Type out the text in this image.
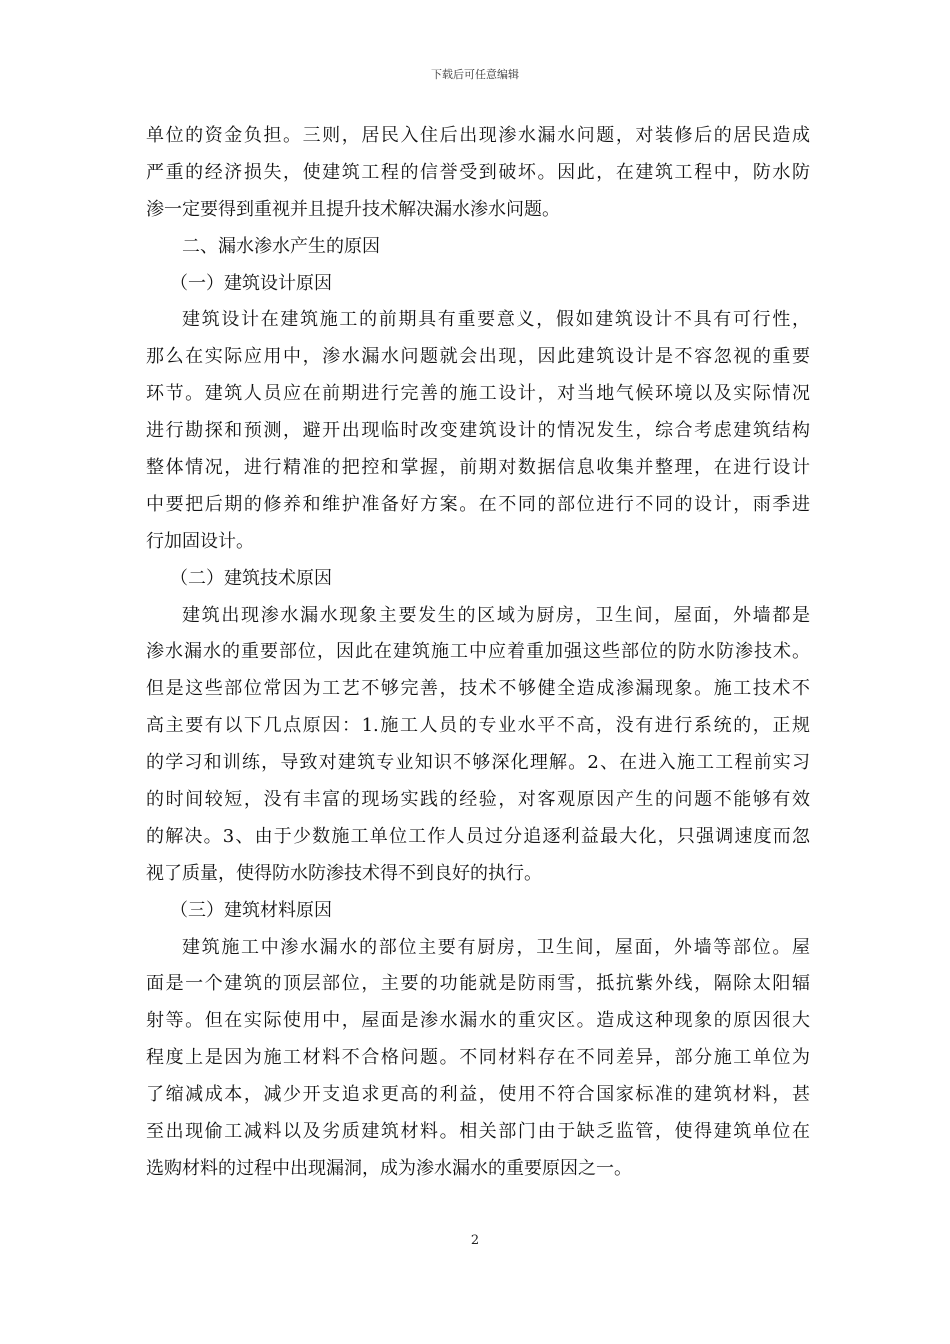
下载后可任意编辑
单位的资金负担。三则，居民入住后出现渗水漏水问题，对装修后的居民造成
严重的经济损失，使建筑工程的信誉受到破坏。因此，在建筑工程中，防水防
渗一定要得到重视并且提升技术解决漏水渗水问题。
二、漏水渗水产生的原因
（一）建筑设计原因
建筑设计在建筑施工的前期具有重要意义，假如建筑设计不具有可行性，
那么在实际应用中，渗水漏水问题就会出现，因此建筑设计是不容忽视的重要
环节。建筑人员应在前期进行完善的施工设计，对当地气候环境以及实际情况
进行勘探和预测，避开出现临时改变建筑设计的情况发生，综合考虑建筑结构
整体情况，进行精准的把控和掌握，前期对数据信息收集并整理，在进行设计
中要把后期的修养和维护准备好方案。在不同的部位进行不同的设计，雨季进
行加固设计。
（二）建筑技术原因
建筑出现渗水漏水现象主要发生的区域为厨房，卫生间，屋面，外墙都是
渗水漏水的重要部位，因此在建筑施工中应着重加强这些部位的防水防渗技术。
但是这些部位常因为工艺不够完善，技术不够健全造成渗漏现象。施工技术不
高主要有以下几点原因：1.施工人员的专业水平不高，没有进行系统的，正规
的学习和训练，导致对建筑专业知识不够深化理解。2、在进入施工工程前实习
的时间较短，没有丰富的现场实践的经验，对客观原因产生的问题不能够有效
的解决。3、由于少数施工单位工作人员过分追逐利益最大化，只强调速度而忽
视了质量，使得防水防渗技术得不到良好的执行。
（三）建筑材料原因
建筑施工中渗水漏水的部位主要有厨房，卫生间，屋面，外墙等部位。屋
面是一个建筑的顶层部位，主要的功能就是防雨雪，抵抗紫外线，隔除太阳辐
射等。但在实际使用中，屋面是渗水漏水的重灾区。造成这种现象的原因很大
程度上是因为施工材料不合格问题。不同材料存在不同差异，部分施工单位为
了缩减成本，减少开支追求更高的利益，使用不符合国家标准的建筑材料，甚
至出现偷工减料以及劣质建筑材料。相关部门由于缺乏监管，使得建筑单位在
选购材料的过程中出现漏洞，成为渗水漏水的重要原因之一。
2
